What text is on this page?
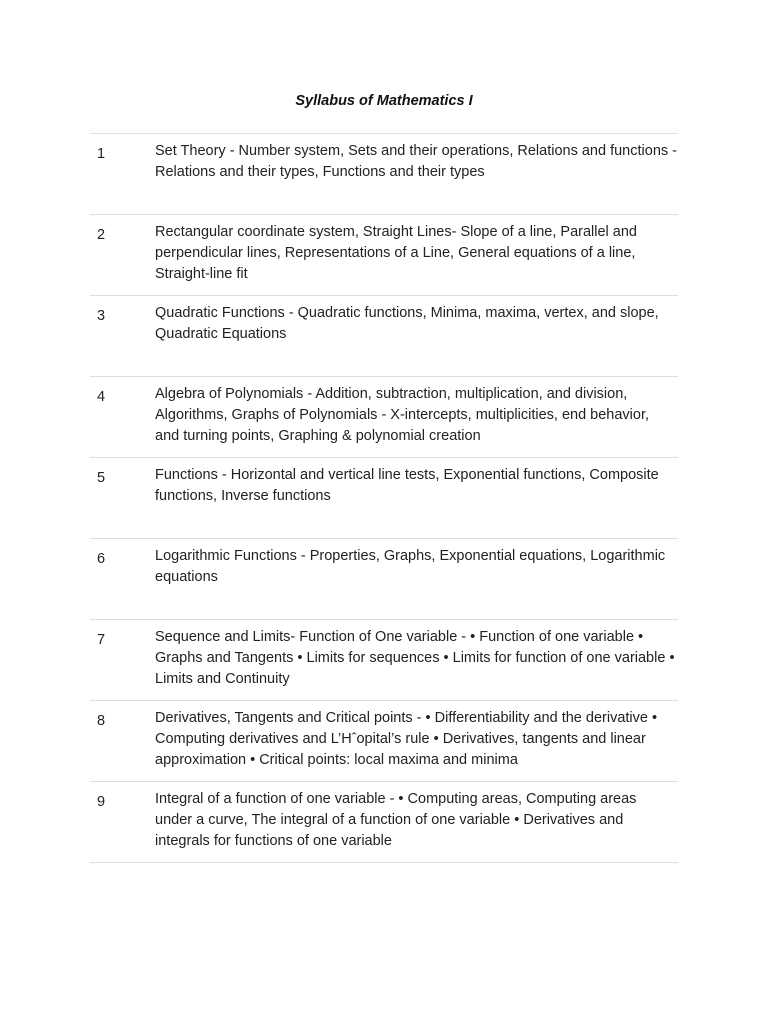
Syllabus of Mathematics I
1	Set Theory - Number system, Sets and their operations, Relations and functions - Relations and their types, Functions and their types
2	Rectangular coordinate system, Straight Lines- Slope of a line, Parallel and perpendicular lines, Representations of a Line, General equations of a line, Straight-line fit
3	Quadratic Functions - Quadratic functions, Minima, maxima, vertex, and slope, Quadratic Equations
4	Algebra of Polynomials - Addition, subtraction, multiplication, and division, Algorithms, Graphs of Polynomials - X-intercepts, multiplicities, end behavior, and turning points, Graphing & polynomial creation
5	Functions - Horizontal and vertical line tests, Exponential functions, Composite functions, Inverse functions
6	Logarithmic Functions - Properties, Graphs, Exponential equations, Logarithmic equations
7	Sequence and Limits- Function of One variable - • Function of one variable • Graphs and Tangents • Limits for sequences • Limits for function of one variable • Limits and Continuity
8	Derivatives, Tangents and Critical points - • Differentiability and the derivative • Computing derivatives and L’Hˆopital’s rule • Derivatives, tangents and linear approximation • Critical points: local maxima and minima
9	Integral of a function of one variable - • Computing areas, Computing areas under a curve, The integral of a function of one variable • Derivatives and integrals for functions of one variable
